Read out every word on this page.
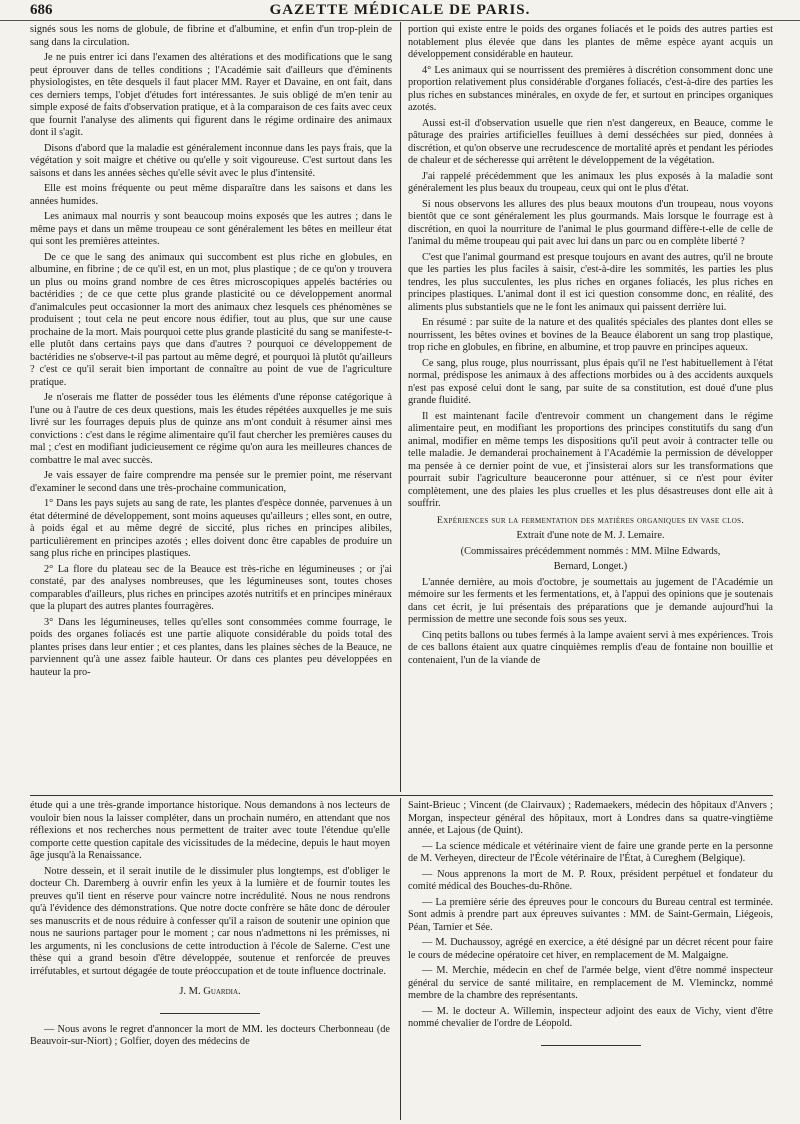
686	GAZETTE MÉDICALE DE PARIS.

signés sous les noms de globule, de fibrine et d'albumine, et enfin d'un trop-plein de sang dans la circulation.

Je ne puis entrer ici dans l'examen des altérations et des modifications que le sang peut éprouver dans de telles conditions ; l'Académie sait d'ailleurs que d'éminents physiologistes, en tête desquels il faut placer MM. Rayer et Davaine, en ont fait, dans ces derniers temps, l'objet d'études fort intéressantes. Je suis obligé de m'en tenir au simple exposé de faits d'observation pratique, et à la comparaison de ces faits avec ceux que fournit l'analyse des aliments qui figurent dans le régime ordinaire des animaux dont il s'agit.

Disons d'abord que la maladie est généralement inconnue dans les pays frais, que la végétation y soit maigre et chétive ou qu'elle y soit vigoureuse. C'est surtout dans les saisons et dans les années sèches qu'elle sévit avec le plus d'intensité.

Elle est moins fréquente ou peut même disparaître dans les saisons et dans les années humides.

Les animaux mal nourris y sont beaucoup moins exposés que les autres ; dans le même pays et dans un même troupeau ce sont généralement les bêtes en meilleur état qui sont les premières atteintes.

De ce que le sang des animaux qui succombent est plus riche en globules, en albumine, en fibrine ; de ce qu'il est, en un mot, plus plastique ; de ce qu'on y trouvera un plus ou moins grand nombre de ces êtres microscopiques appelés bactéries ou bactéridies ; de ce que cette plus grande plasticité ou ce développement anormal d'animalcules peut occasionner la mort des animaux chez lesquels ces phénomènes se produisent ; tout cela ne peut encore nous édifier, tout au plus, que sur une cause prochaine de la mort. Mais pourquoi cette plus grande plasticité du sang se manifeste-t-elle plutôt dans certains pays que dans d'autres ? pourquoi ce développement de bactéridies ne s'observe-t-il pas partout au même degré, et pourquoi là plutôt qu'ailleurs ? c'est ce qu'il serait bien important de connaître au point de vue de l'agriculture pratique.

Je n'oserais me flatter de posséder tous les éléments d'une réponse catégorique à l'une ou à l'autre de ces deux questions, mais les études répétées auxquelles je me suis livré sur les fourrages depuis plus de quinze ans m'ont conduit à résumer ainsi mes convictions : c'est dans le régime alimentaire qu'il faut chercher les premières causes du mal ; c'est en modifiant judicieusement ce régime qu'on aura les meilleures chances de combattre le mal avec succès.

Je vais essayer de faire comprendre ma pensée sur le premier point, me réservant d'examiner le second dans une très-prochaine communication,

1° Dans les pays sujets au sang de rate, les plantes d'espèce donnée, parvenues à un état déterminé de développement, sont moins aqueuses qu'ailleurs ; elles sont, en outre, à poids égal et au même degré de siccité, plus riches en principes alibiles, particulièrement en principes azotés ; elles doivent donc être capables de produire un sang plus riche en principes plastiques.

2° La flore du plateau sec de la Beauce est très-riche en légumineuses ; or j'ai constaté, par des analyses nombreuses, que les légumineuses sont, toutes choses comparables d'ailleurs, plus riches en principes azotés nutritifs et en principes minéraux que la plupart des autres plantes fourragères.

3° Dans les légumineuses, telles qu'elles sont consommées comme fourrage, le poids des organes foliacés est une partie aliquote considérable du poids total des plantes prises dans leur entier ; et ces plantes, dans les plaines sèches de la Beauce, ne parviennent qu'à une assez faible hauteur. Or dans ces plantes peu développées en hauteur la pro-

portion qui existe entre le poids des organes foliacés et le poids des autres parties est notablement plus élevée que dans les plantes de même espèce ayant acquis un développement considérable en hauteur.

4° Les animaux qui se nourrissent des premières à discrétion consomment donc une proportion relativement plus considérable d'organes foliacés, c'est-à-dire des parties les plus riches en substances minérales, en oxyde de fer, et surtout en principes organiques azotés.

Aussi est-il d'observation usuelle que rien n'est dangereux, en Beauce, comme le pâturage des prairies artificielles feuillues à demi desséchées sur pied, données à discrétion, et qu'on observe une recrudescence de mortalité après et pendant les périodes de chaleur et de sécheresse qui arrêtent le développement de la végétation.

J'ai rappelé précédemment que les animaux les plus exposés à la maladie sont généralement les plus beaux du troupeau, ceux qui ont le plus d'état.

Si nous observons les allures des plus beaux moutons d'un troupeau, nous voyons bientôt que ce sont généralement les plus gourmands. Mais lorsque le fourrage est à discrétion, en quoi la nourriture de l'animal le plus gourmand diffère-t-elle de celle de l'animal du même troupeau qui pait avec lui dans un parc ou en complète liberté ?

C'est que l'animal gourmand est presque toujours en avant des autres, qu'il ne broute que les parties les plus faciles à saisir, c'est-à-dire les sommités, les parties les plus tendres, les plus succulentes, les plus riches en organes foliacés, les plus riches en principes plastiques. L'animal dont il est ici question consomme donc, en réalité, des aliments plus substantiels que ne le font les animaux qui paissent derrière lui.

En résumé : par suite de la nature et des qualités spéciales des plantes dont elles se nourrissent, les bêtes ovines et bovines de la Beauce élaborent un sang trop plastique, trop riche en globules, en fibrine, en albumine, et trop pauvre en principes aqueux.

Ce sang, plus rouge, plus nourrissant, plus épais qu'il ne l'est habituellement à l'état normal, prédispose les animaux à des affections morbides ou à des accidents auxquels n'est pas exposé celui dont le sang, par suite de sa constitution, est doué d'une plus grande fluidité.

Il est maintenant facile d'entrevoir comment un changement dans le régime alimentaire peut, en modifiant les proportions des principes constitutifs du sang d'un animal, modifier en même temps les dispositions qu'il peut avoir à contracter telle ou telle maladie. Je demanderai prochainement à l'Académie la permission de développer ma pensée à ce dernier point de vue, et j'insisterai alors sur les transformations que pourrait subir l'agriculture beauceronne pour atténuer, si ce n'est pour éviter complètement, une des plaies les plus cruelles et les plus désastreuses dont elle ait à souffrir.

Expériences sur la fermentation des matières organiques en vase clos.

Extrait d'une note de M. J. Lemaire.

(Commissaires précédemment nommés : MM. Milne Edwards,

Bernard, Longet.)

L'année dernière, au mois d'octobre, je soumettais au jugement de l'Académie un mémoire sur les ferments et les fermentations, et, à l'appui des opinions que je soutenais dans cet écrit, je lui présentais des préparations que je demande aujourd'hui la permission de mettre une seconde fois sous ses yeux.

Cinq petits ballons ou tubes fermés à la lampe avaient servi à mes expériences. Trois de ces ballons étaient aux quatre cinquièmes remplis d'eau de fontaine non bouillie et contenaient, l'un de la viande de

étude qui a une très-grande importance historique. Nous demandons à nos lecteurs de vouloir bien nous la laisser compléter, dans un prochain numéro, en attendant que nos réflexions et nos recherches nous permettent de traiter avec toute l'étendue qu'elle comporte cette question capitale des vicissitudes de la médecine, depuis le haut moyen âge jusqu'à la Renaissance.

Notre dessein, et il serait inutile de le dissimuler plus longtemps, est d'obliger le docteur Ch. Daremberg à ouvrir enfin les yeux à la lumière et de fournir toutes les preuves qu'il tient en réserve pour vaincre notre incrédulité. Nous ne nous rendrons qu'à l'évidence des démonstrations. Que notre docte confrère se hâte donc de dérouler ses manuscrits et de nous réduire à confesser qu'il a raison de soutenir une opinion que nous ne saurions partager pour le moment ; car nous n'admettons ni les prémisses, ni les arguments, ni les conclusions de cette introduction à l'école de Salerne. C'est une thèse qui a grand besoin d'être développée, soutenue et renforcée de preuves irréfutables, et surtout dégagée de toute préoccupation et de toute influence doctrinale.

J. M. Guardia.

— Nous avons le regret d'annoncer la mort de MM. les docteurs Cherbonneau (de Beauvoir-sur-Niort) ; Golfier, doyen des médecins de

Saint-Brieuc ; Vincent (de Clairvaux) ; Rademaekers, médecin des hôpitaux d'Anvers ; Morgan, inspecteur général des hôpitaux, mort à Londres dans sa quatre-vingtième année, et Lajous (de Quint).

— La science médicale et vétérinaire vient de faire une grande perte en la personne de M. Verheyen, directeur de l'École vétérinaire de l'État, à Cureghem (Belgique).

— Nous apprenons la mort de M. P. Roux, président perpétuel et fondateur du comité médical des Bouches-du-Rhône.

— La première série des épreuves pour le concours du Bureau central est terminée. Sont admis à prendre part aux épreuves suivantes : MM. de Saint-Germain, Liégeois, Péan, Tarnier et Sée.

— M. Duchaussoy, agrégé en exercice, a été désigné par un décret récent pour faire le cours de médecine opératoire cet hiver, en remplacement de M. Malgaigne.

— M. Merchie, médecin en chef de l'armée belge, vient d'être nommé inspecteur général du service de santé militaire, en remplacement de M. Vleminckz, nommé membre de la chambre des représentants.

— M. le docteur A. Willemin, inspecteur adjoint des eaux de Vichy, vient d'être nommé chevalier de l'ordre de Léopold.
